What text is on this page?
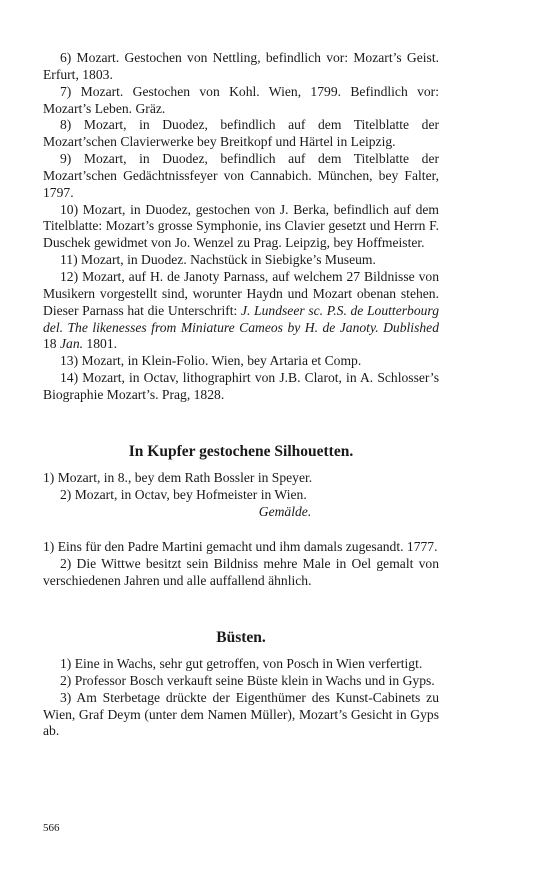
6) Mozart. Gestochen von Nettling, befindlich vor: Mozart’s Geist. Erfurt, 1803.

7) Mozart. Gestochen von Kohl. Wien, 1799. Befindlich vor: Mozart’s Leben. Gräz.

8) Mozart, in Duodez, befindlich auf dem Titelblatte der Mozart’schen Clavierwerke bey Breitkopf und Härtel in Leipzig.

9) Mozart, in Duodez, befindlich auf dem Titelblatte der Mozart’schen Gedächtnissfeyer von Cannabich. München, bey Falter, 1797.

10) Mozart, in Duodez, gestochen von J. Berka, befindlich auf dem Titelblatte: Mozart’s grosse Symphonie, ins Clavier gesetzt und Herrn F. Duschek gewidmet von Jo. Wenzel zu Prag. Leipzig, bey Hoffmeister.

11) Mozart, in Duodez. Nachstück in Siebigke’s Museum.

12) Mozart, auf H. de Janoty Parnass, auf welchem 27 Bildnisse von Musikern vorgestellt sind, worunter Haydn und Mozart obenan stehen. Dieser Parnass hat die Unterschrift: J. Lundseer sc. P.S. de Loutterbourg del. The likenesses from Miniature Cameos by H. de Janoty. Dublished 18 Jan. 1801.

13) Mozart, in Klein-Folio. Wien, bey Artaria et Comp.

14) Mozart, in Octav, lithographirt von J.B. Clarot, in A. Schlosser’s Biographie Mozart’s. Prag, 1828.

In Kupfer gestochene Silhouetten.

1) Mozart, in 8., bey dem Rath Bossler in Speyer.

2) Mozart, in Octav, bey Hofmeister in Wien.

Gemälde.

1) Eins für den Padre Martini gemacht und ihm damals zugesandt. 1777.

2) Die Wittwe besitzt sein Bildniss mehre Male in Oel gemalt von verschiedenen Jahren und alle auffallend ähnlich.

Büsten.

1) Eine in Wachs, sehr gut getroffen, von Posch in Wien verfertigt.

2) Professor Bosch verkauft seine Büste klein in Wachs und in Gyps.

3) Am Sterbetage drückte der Eigenthümer des Kunst-Cabinets zu Wien, Graf Deym (unter dem Namen Müller), Mozart’s Gesicht in Gyps ab.

566
